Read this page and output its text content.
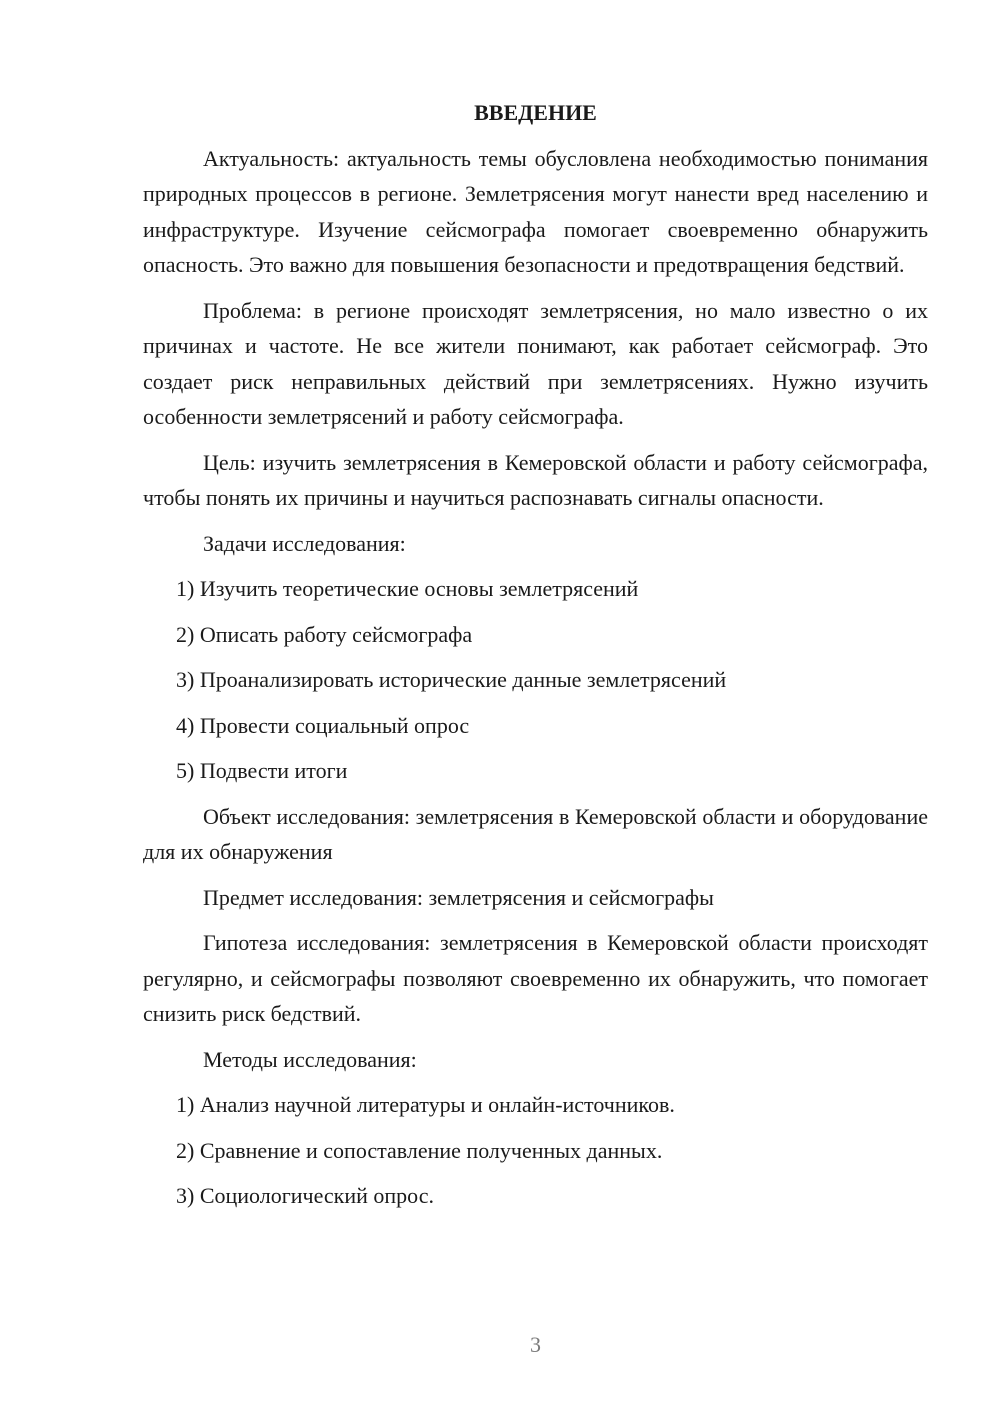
ВВЕДЕНИЕ

Актуальность: актуальность темы обусловлена необходимостью понимания природных процессов в регионе. Землетрясения могут нанести вред населению и инфраструктуре. Изучение сейсмографа помогает своевременно обнаружить опасность. Это важно для повышения безопасности и предотвращения бедствий.

Проблема: в регионе происходят землетрясения, но мало известно о их причинах и частоте. Не все жители понимают, как работает сейсмограф. Это создает риск неправильных действий при землетрясениях. Нужно изучить особенности землетрясений и работу сейсмографа.

Цель: изучить землетрясения в Кемеровской области и работу сейсмографа, чтобы понять их причины и научиться распознавать сигналы опасности.

Задачи исследования:
1) Изучить теоретические основы землетрясений
2) Описать работу сейсмографа
3) Проанализировать исторические данные землетрясений
4) Провести социальный опрос
5) Подвести итоги

Объект исследования: землетрясения в Кемеровской области и оборудование для их обнаружения

Предмет исследования: землетрясения и сейсмографы

Гипотеза исследования: землетрясения в Кемеровской области происходят регулярно, и сейсмографы позволяют своевременно их обнаружить, что помогает снизить риск бедствий.

Методы исследования:
1) Анализ научной литературы и онлайн-источников.
2) Сравнение и сопоставление полученных данных.
3) Социологический опрос.
3
